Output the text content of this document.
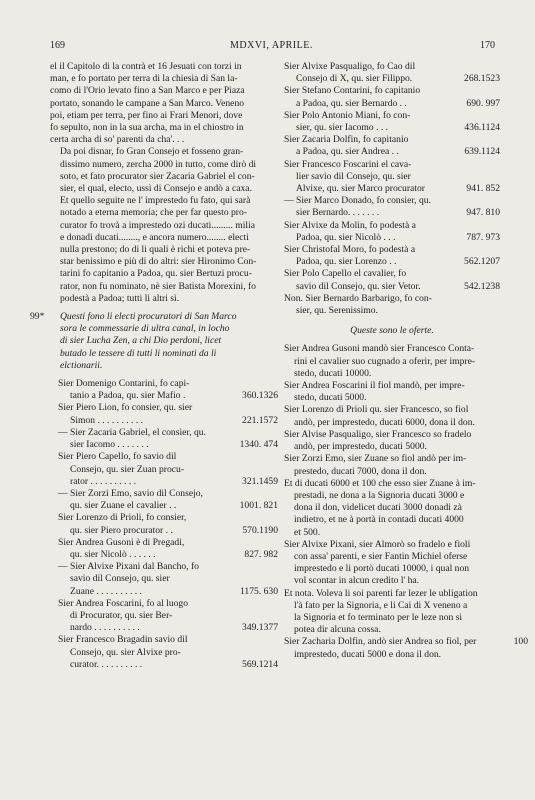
169	MDXVI, APRILE.	170
el il Capitolo di la contrà et 16 Jesuati con torzi in
man, e fo portato per terra di la chiesia di San la-
como di l'Orio levato fino a San Marco e per Piaza
portato, sonando le campane a San Marco. Veneno
poi, etiam per terra, per fino ai Frari Menori, dove
fo sepulto, non in la sua archa, ma in el chiostro in
certa archa di so' parenti da cha'. . .
Da poi disnar, fo Gran Consejo et fosseno gran-
dissimo numero, zercha 2000 in tutto, come dirò di
soto, et fato procurator sier Zacaria Gabriel el con-
sier, el qual, electo, ussì di Consejo e andò a caxa.
Et quello seguite ne l' imprestedo fu fato, qui sarà
notado a eterna memoria; che per far questo pro-
curator fo trovà a imprestedo ozi ducati......... milia
e donadi ducati........, e ancora numero........ electi
nulla prestono; do di li quali è richi et poteva pre-
star benissimo e più di do altri: sier Hironimo Con-
tarini fo capitanio a Padoa, qu. sier Bertuzi procu-
rator, non fu nominato, nè sier Batista Morexini, fo
podestà a Padoa; tutti li altri sì.
99*	Questi fono li electi procuratori di San Marco
sora le commessarie di ultra canal, in locho
di sier Lucha Zen, a chi Dio perdoni, licet
butado le tessere di tutti li nominati da li
elctionarii.
Sier Domenigo Contarini, fo capi-
tanio a Padoa, qu. sier Mafio .	360.1326
Sier Piero Lion, fo consier, qu. sier
Simon . . . . . . . . . .	221.1572
— Sier Zacaria Gabriel, el consier, qu.
sier Iacomo . . . . . . .	1340. 474
Sier Piero Capello, fo savio dil
Consejo, qu. sier Zuan procu-
rator . . . . . . . . . .	321.1459
— Sier Zorzi Emo, savio dil Consejo,
qu. sier Zuane el cavalier . .	1001. 821
Sier Lorenzo di Prioli, fo consier,
qu. sier Piero procurator . .	570.1190
Sier Andrea Gusoni è di Pregadi,
qu. sier Nicolò . . . . . .	827. 982
— Sier Alvixe Pixani dal Bancho, fo
savio dil Consejo, qu. sier
Zuane . . . . . . . . . .	1175. 630
Sier Andrea Foscarini, fo al luogo
di Procurator, qu. sier Ber-
nardo . . . . . . . . . .	349.1377
Sier Francesco Bragadin savio dil
Consejo, qu. sier Alvixe pro-
curator. . . . . . . . . .	569.1214
Sier Alvixe Pasqualigo, fo Cao dil
Consejo di X, qu. sier Filippo.	268.1523
Sier Stefano Contarini, fo capitanio
a Padoa, qu. sier Bernardo . .	690. 997
Sier Polo Antonio Miani, fo con-
sier, qu. sier Iacomo . . .	436.1124
Sier Zacaria Dolfin, fo capitanio
a Padoa, qu. sier Andrea . .	639.1124
Sier Francesco Foscarini el cava-
lier savio dil Consejo, qu. sier
Alvixe, qu. sier Marco procurator	941. 852
— Sier Marco Donado, fo consier, qu.
sier Bernardo. . . . . . .	947. 810
Sier Alvixe da Molin, fo podestà a
Padoa, qu. sier Nicolò . . .	787. 973
Sier Christofal Moro, fo podestà a
Padoa, qu. sier Lorenzo . .	562.1207
Sier Polo Capello el cavalier, fo
savio dil Consejo, qu. sier Vetor.	542.1238
Non. Sier Bernardo Barbarigo, fo con-
sier, qu. Serenissimo.
Queste sono le oferte.
Sier Andrea Gusoni mandò sier Francesco Conta-
rini el cavalier suo cugnado a oferir, per impre-
stedo, ducati 10000.
Sier Andrea Foscarini il fiol mandò, per impre-
stedo, ducati 5000.
Sier Lorenzo di Prioli qu. sier Francesco, so fiol
andò, per imprestedo, ducati 6000, dona il don.
Sier Alvise Pasqualigo, sier Francesco so fradelo
andò, per imprestedo, ducati 5000.
Sier Zorzi Emo, sier Zuane so fiol andò per im-
prestedo, ducati 7000, dona il don.
Et di ducati 6000 et 100 che esso sier Zuane à im-
prestadi, ne dona a la Signoria ducati 3000 e
dona il don, videlicet ducati 3000 donadi zà
indietro, et ne à portà in contadi ducati 4000
et 500.
Sier Alvixe Pixani, sier Almorò so fradelo e fioli
con assa' parenti, e sier Fantin Michiel oferse
imprestedo e li portò ducati 10000, i qual non
vol scontar in alcun credito l' ha.
Et nota. Voleva li soi parenti far lezer le ubligation
l'à fato per la Signoria, e li Cai di X veneno a
la Signoria et fo terminato per le leze non si
potea dir alcuna cossa.
Sier Zacharia Dolfin, andò sier Andrea so fiol, per
imprestedo, ducati 5000 e dona il don.
100
